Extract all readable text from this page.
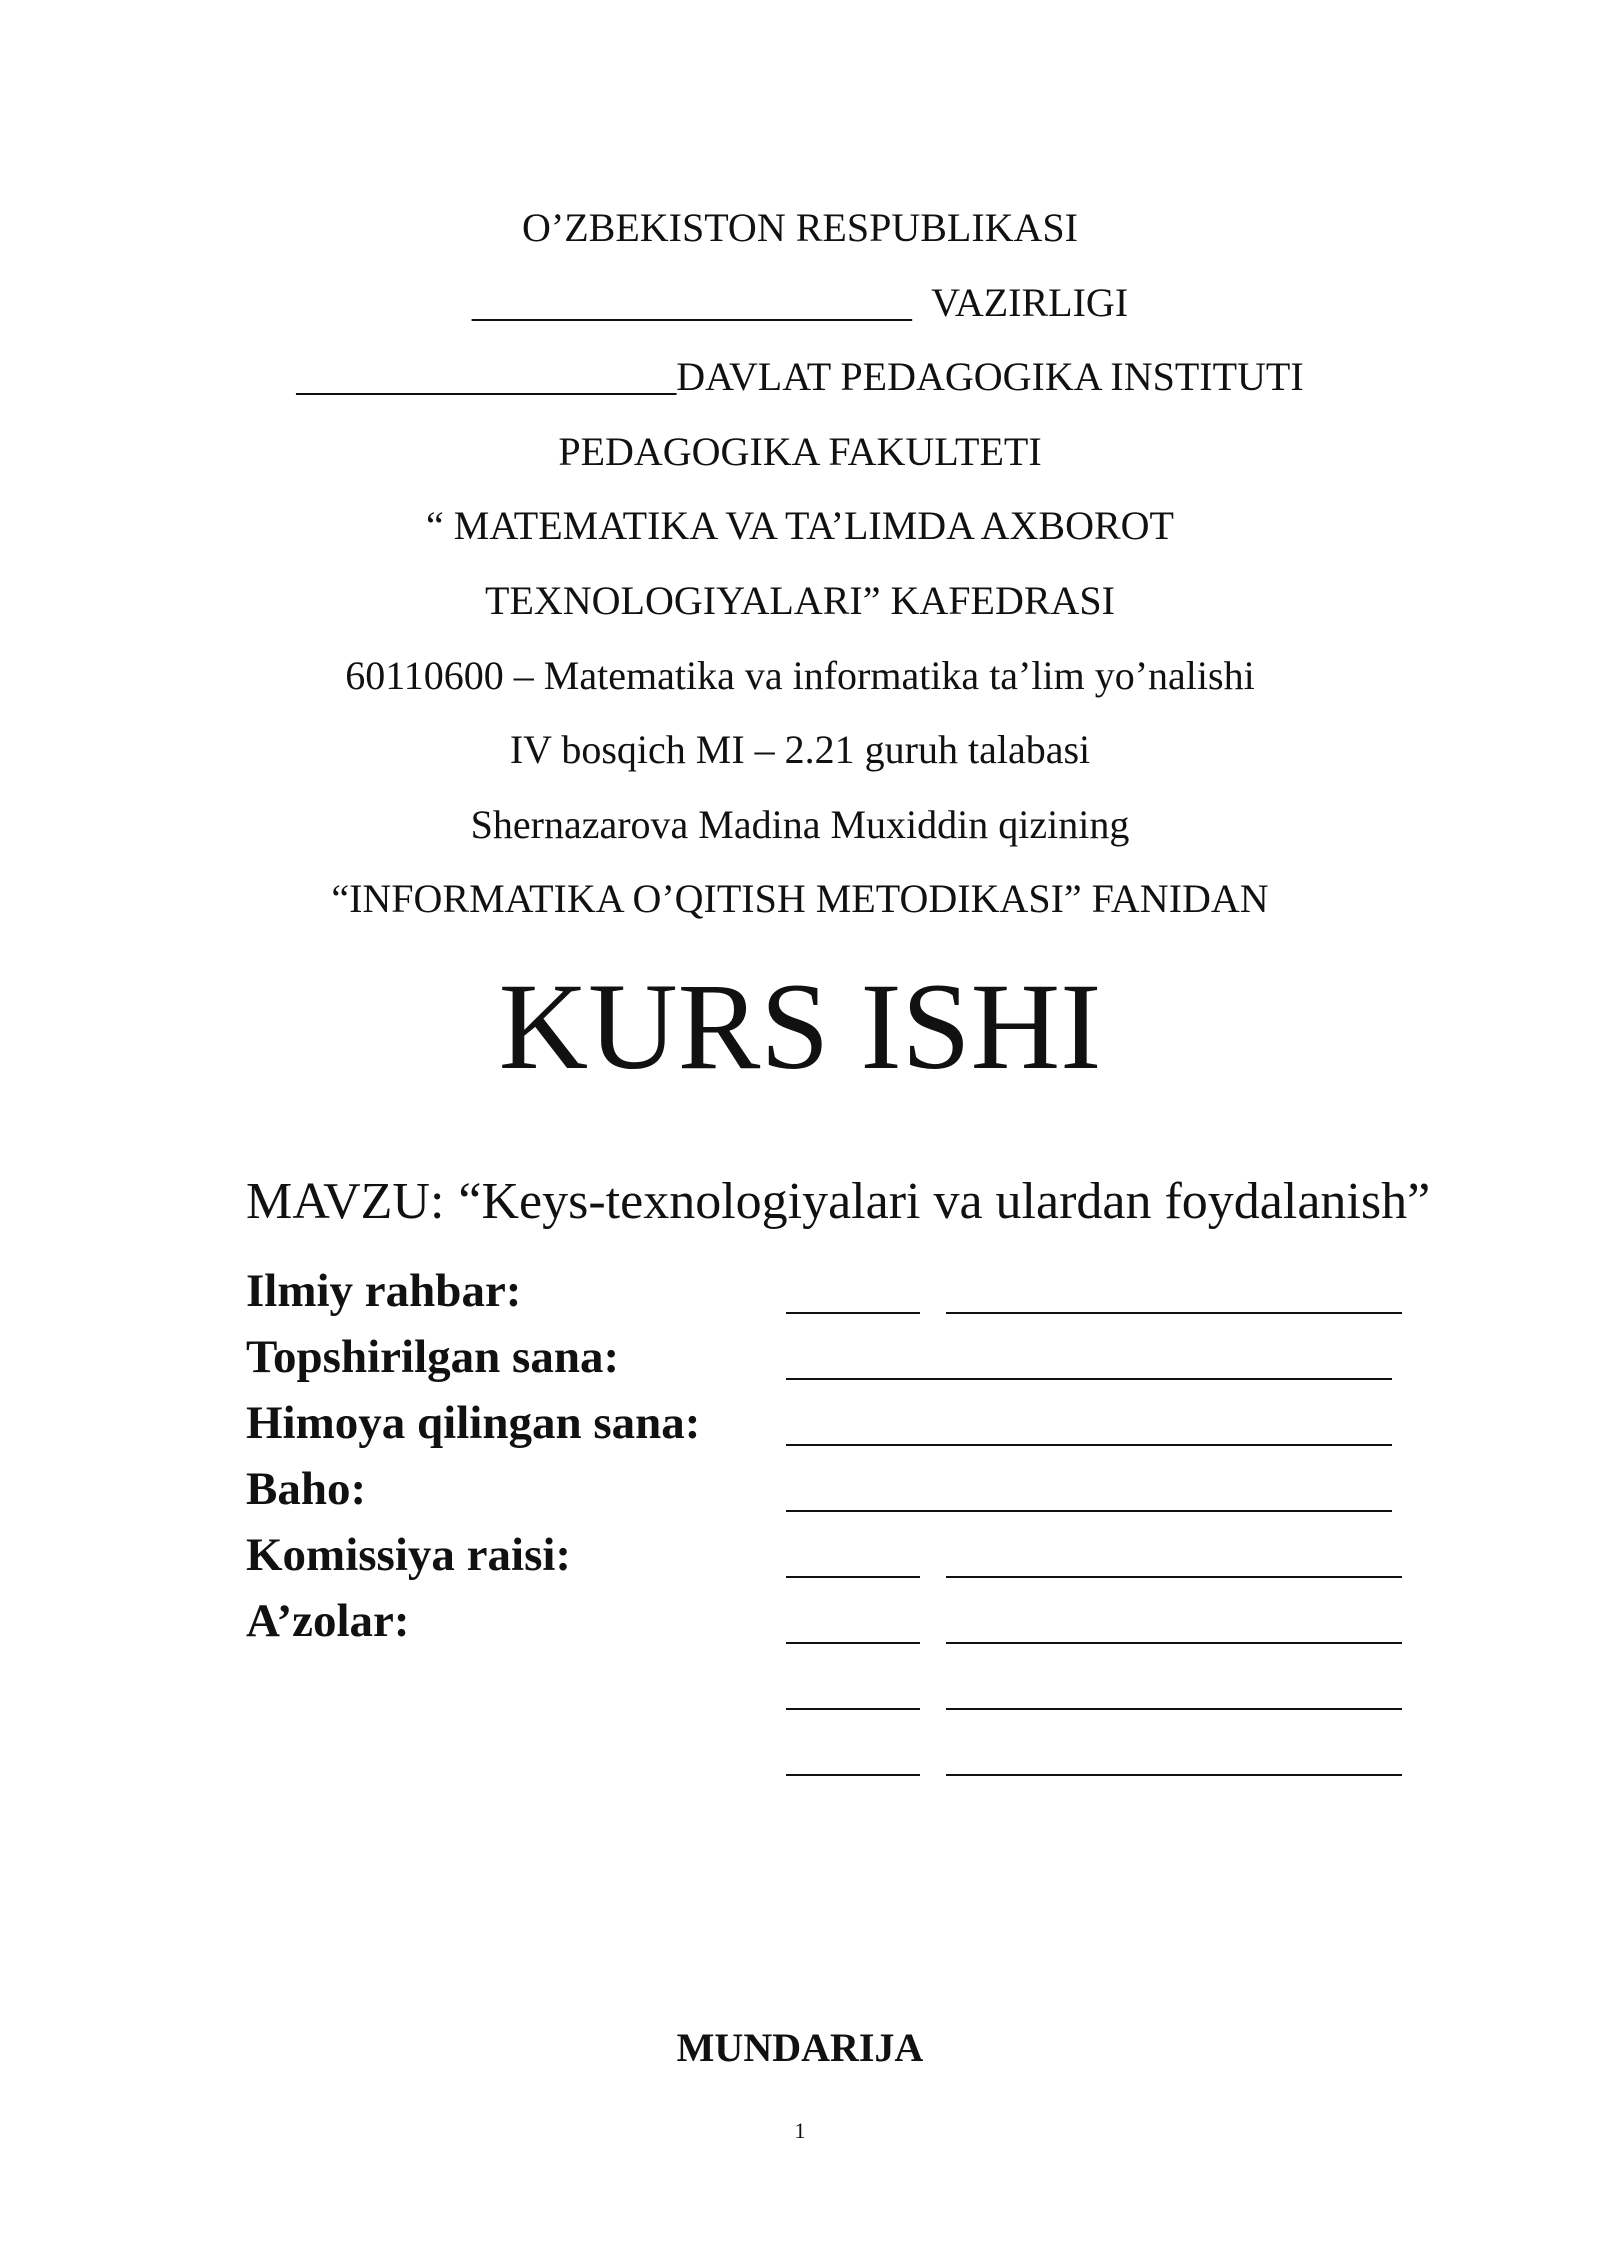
O’ZBEKISTON RESPUBLIKASI
______________________  VAZIRLIGI
___________________DAVLAT PEDAGOGIKA INSTITUTI
PEDAGOGIKA FAKULTETI
“ MATEMATIKA VA TA’LIMDA AXBOROT
TEXNOLOGIYALARI” KAFEDRASI
60110600 – Matematika va informatika ta’lim yo’nalishi
IV bosqich MI – 2.21 guruh talabasi
Shernazarova Madina Muxiddin qizining
“INFORMATIKA O’QITISH METODIKASI” FANIDAN
KURS ISHI
MAVZU: “Keys-texnologiyalari va ulardan foydalanish”
Ilmiy rahbar:
Topshirilgan sana:
Himoya qilingan sana:
Baho:
Komissiya raisi:
A’zolar:
MUNDARIJA
1
